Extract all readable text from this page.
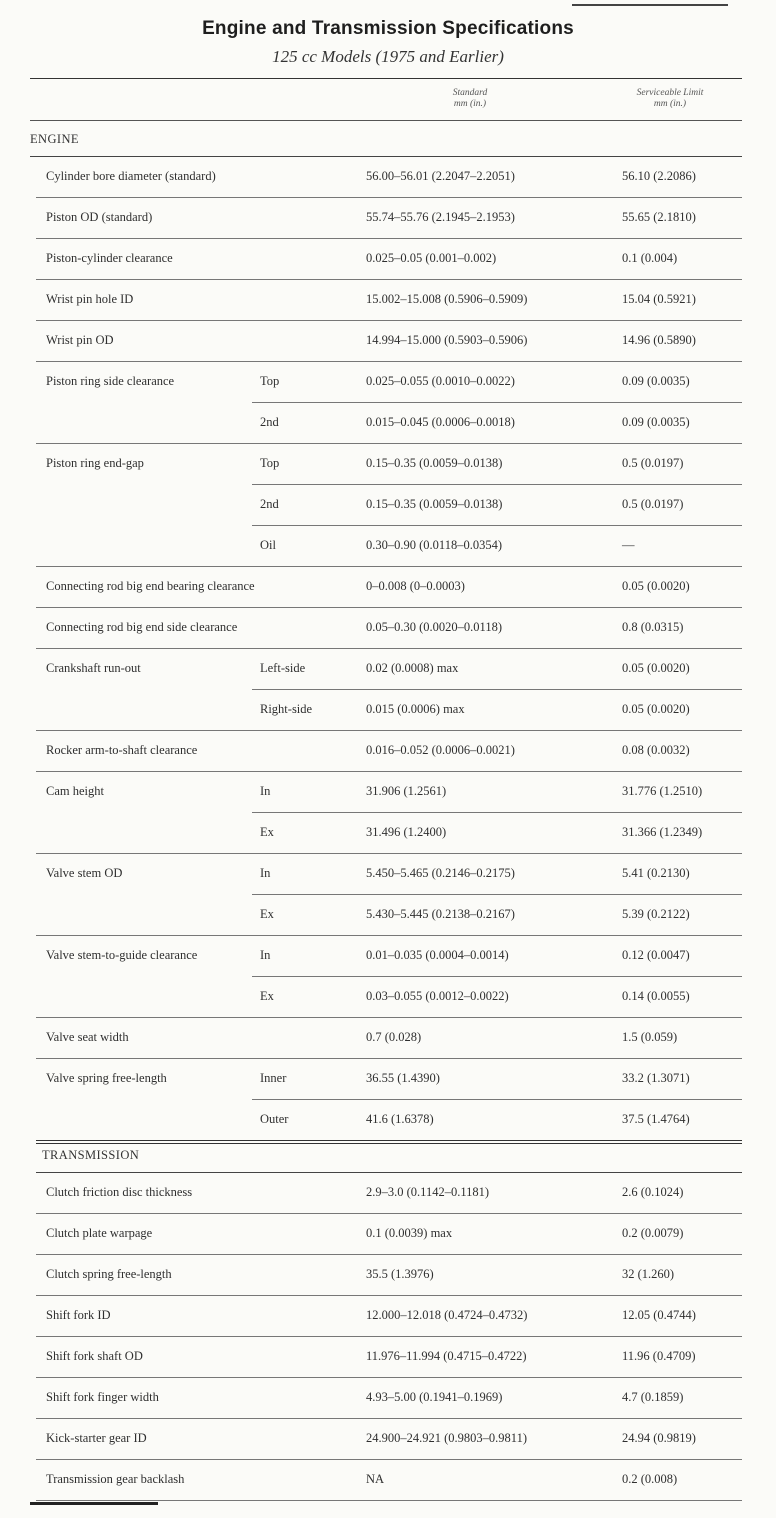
Engine and Transmission Specifications
125 cc Models (1975 and Earlier)
Standard
mm (in.)
Serviceable Limit
mm (in.)
ENGINE
Cylinder bore diameter (standard)	56.00–56.01 (2.2047–2.2051)	56.10 (2.2086)
Piston OD (standard)	55.74–55.76 (2.1945–2.1953)	55.65 (2.1810)
Piston-cylinder clearance	0.025–0.05 (0.001–0.002)	0.1 (0.004)
Wrist pin hole ID	15.002–15.008 (0.5906–0.5909)	15.04 (0.5921)
Wrist pin OD	14.994–15.000 (0.5903–0.5906)	14.96 (0.5890)
Piston ring side clearance	Top	0.025–0.055 (0.0010–0.0022)	0.09 (0.0035)
2nd	0.015–0.045 (0.0006–0.0018)	0.09 (0.0035)
Piston ring end-gap	Top	0.15–0.35 (0.0059–0.0138)	0.5 (0.0197)
2nd	0.15–0.35 (0.0059–0.0138)	0.5 (0.0197)
Oil	0.30–0.90 (0.0118–0.0354)	—
Connecting rod big end bearing clearance	0–0.008 (0–0.0003)	0.05 (0.0020)
Connecting rod big end side clearance	0.05–0.30 (0.0020–0.0118)	0.8 (0.0315)
Crankshaft run-out	Left-side	0.02 (0.0008) max	0.05 (0.0020)
Right-side	0.015 (0.0006) max	0.05 (0.0020)
Rocker arm-to-shaft clearance	0.016–0.052 (0.0006–0.0021)	0.08 (0.0032)
Cam height	In	31.906 (1.2561)	31.776 (1.2510)
Ex	31.496 (1.2400)	31.366 (1.2349)
Valve stem OD	In	5.450–5.465 (0.2146–0.2175)	5.41 (0.2130)
Ex	5.430–5.445 (0.2138–0.2167)	5.39 (0.2122)
Valve stem-to-guide clearance	In	0.01–0.035 (0.0004–0.0014)	0.12 (0.0047)
Ex	0.03–0.055 (0.0012–0.0022)	0.14 (0.0055)
Valve seat width	0.7 (0.028)	1.5 (0.059)
Valve spring free-length	Inner	36.55 (1.4390)	33.2 (1.3071)
Outer	41.6 (1.6378)	37.5 (1.4764)
TRANSMISSION
Clutch friction disc thickness	2.9–3.0 (0.1142–0.1181)	2.6 (0.1024)
Clutch plate warpage	0.1 (0.0039) max	0.2 (0.0079)
Clutch spring free-length	35.5 (1.3976)	32 (1.260)
Shift fork ID	12.000–12.018 (0.4724–0.4732)	12.05 (0.4744)
Shift fork shaft OD	11.976–11.994 (0.4715–0.4722)	11.96 (0.4709)
Shift fork finger width	4.93–5.00 (0.1941–0.1969)	4.7 (0.1859)
Kick-starter gear ID	24.900–24.921 (0.9803–0.9811)	24.94 (0.9819)
Transmission gear backlash	NA	0.2 (0.008)
